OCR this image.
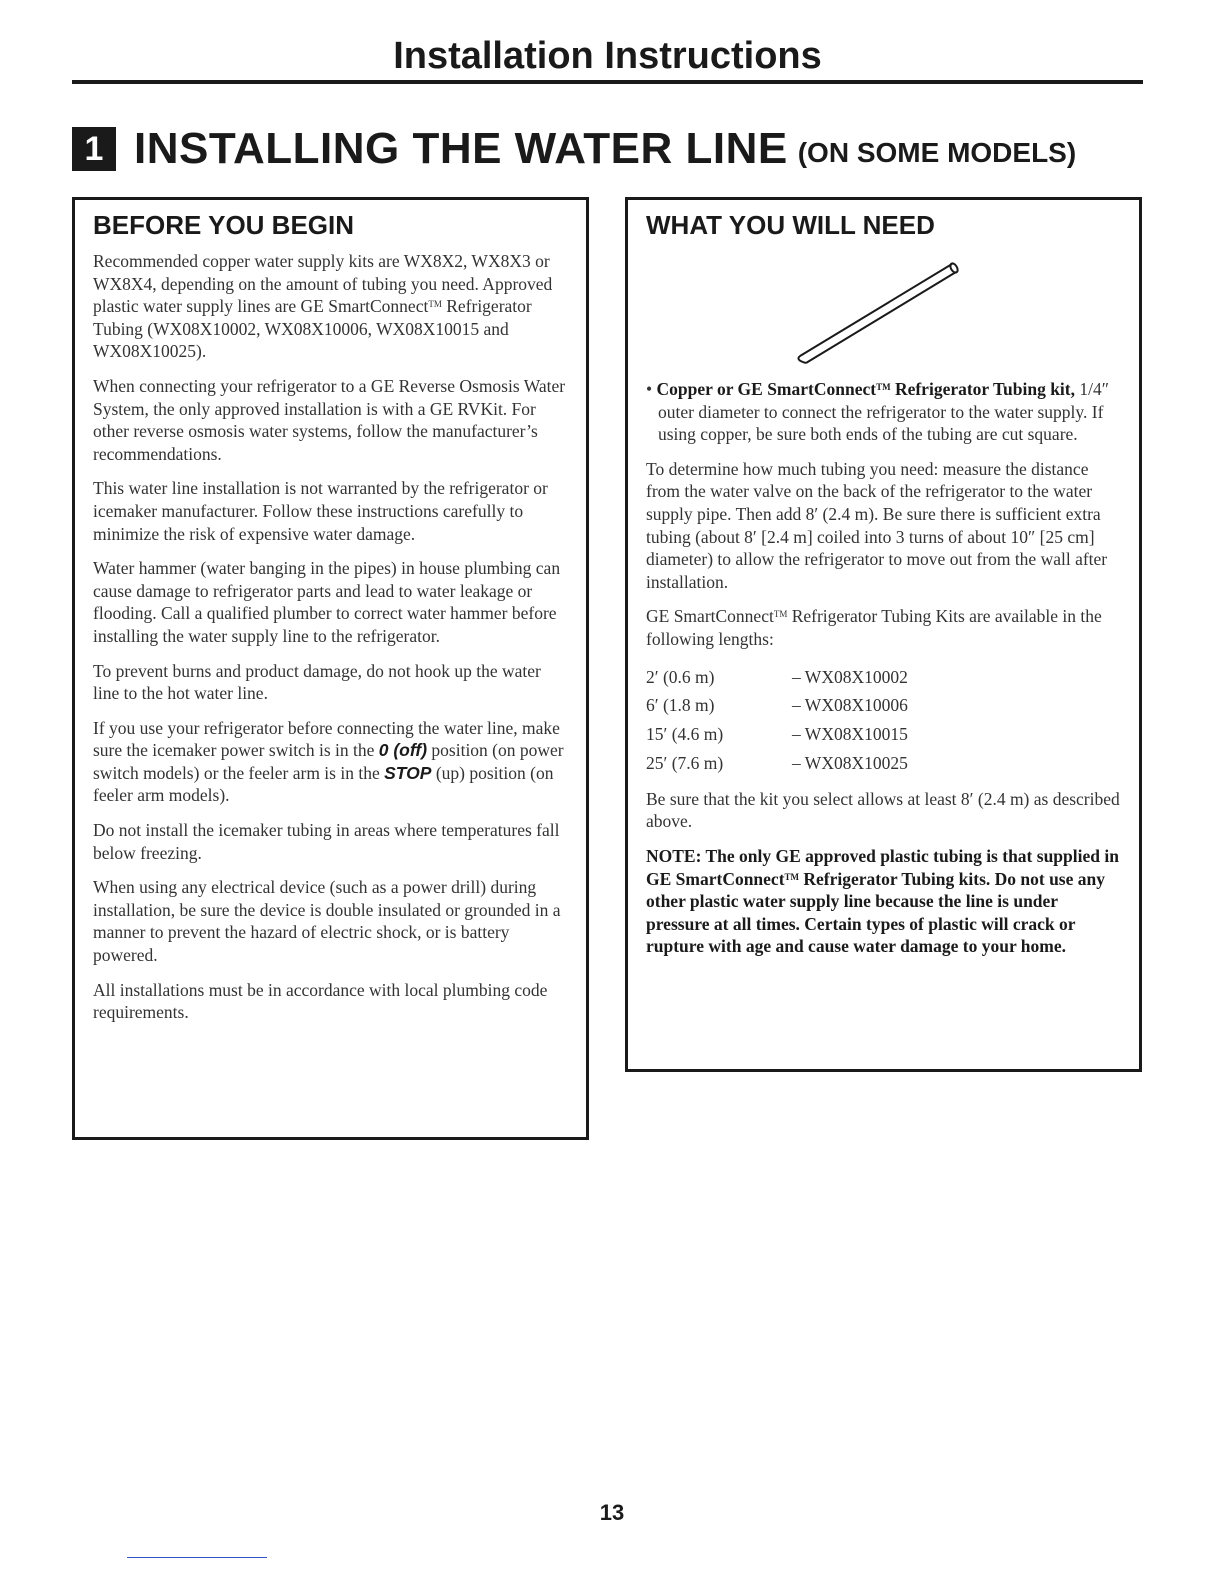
Installation Instructions
1 INSTALLING THE WATER LINE (ON SOME MODELS)
BEFORE YOU BEGIN

Recommended copper water supply kits are WX8X2, WX8X3 or WX8X4, depending on the amount of tubing you need. Approved plastic water supply lines are GE SmartConnect™ Refrigerator Tubing (WX08X10002, WX08X10006, WX08X10015 and WX08X10025).

When connecting your refrigerator to a GE Reverse Osmosis Water System, the only approved installation is with a GE RVKit. For other reverse osmosis water systems, follow the manufacturer’s recommendations.

This water line installation is not warranted by the refrigerator or icemaker manufacturer. Follow these instructions carefully to minimize the risk of expensive water damage.

Water hammer (water banging in the pipes) in house plumbing can cause damage to refrigerator parts and lead to water leakage or flooding. Call a qualified plumber to correct water hammer before installing the water supply line to the refrigerator.

To prevent burns and product damage, do not hook up the water line to the hot water line.

If you use your refrigerator before connecting the water line, make sure the icemaker power switch is in the 0 (off) position (on power switch models) or the feeler arm is in the STOP (up) position (on feeler arm models).

Do not install the icemaker tubing in areas where temperatures fall below freezing.

When using any electrical device (such as a power drill) during installation, be sure the device is double insulated or grounded in a manner to prevent the hazard of electric shock, or is battery powered.

All installations must be in accordance with local plumbing code requirements.

WHAT YOU WILL NEED

• Copper or GE SmartConnect™ Refrigerator Tubing kit, 1/4″ outer diameter to connect the refrigerator to the water supply. If using copper, be sure both ends of the tubing are cut square.

To determine how much tubing you need: measure the distance from the water valve on the back of the refrigerator to the water supply pipe. Then add 8′ (2.4 m). Be sure there is sufficient extra tubing (about 8′ [2.4 m] coiled into 3 turns of about 10″ [25 cm] diameter) to allow the refrigerator to move out from the wall after installation.

GE SmartConnect™ Refrigerator Tubing Kits are available in the following lengths:

2′ (0.6 m)	– WX08X10002
6′ (1.8 m)	– WX08X10006
15′ (4.6 m)	– WX08X10015
25′ (7.6 m)	– WX08X10025

Be sure that the kit you select allows at least 8′ (2.4 m) as described above.

NOTE: The only GE approved plastic tubing is that supplied in GE SmartConnect™ Refrigerator Tubing kits. Do not use any other plastic water supply line because the line is under pressure at all times. Certain types of plastic will crack or rupture with age and cause water damage to your home.

13
